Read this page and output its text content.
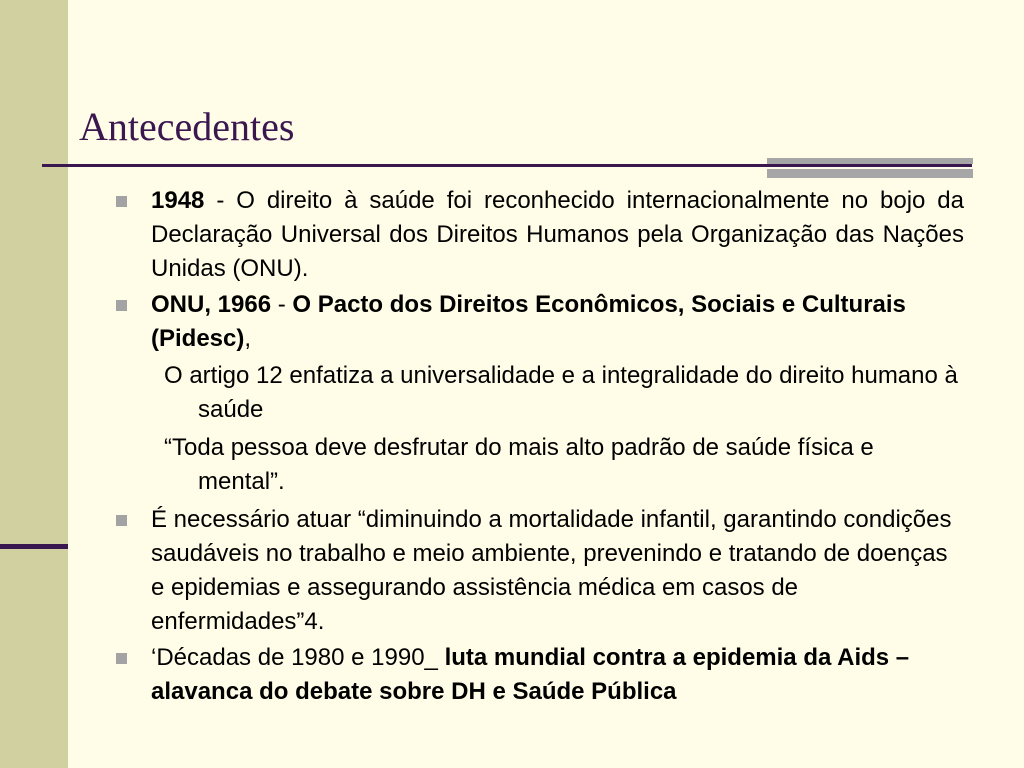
Antecedentes
1948 - O direito à saúde foi reconhecido internacionalmente no bojo da Declaração Universal dos Direitos Humanos pela Organização das Nações Unidas (ONU).
ONU, 1966 - O Pacto dos Direitos Econômicos, Sociais e Culturais (Pidesc),
O artigo 12 enfatiza a universalidade e a integralidade do direito humano à saúde
“Toda pessoa deve desfrutar do mais alto padrão de saúde física e mental”.
É necessário atuar “diminuindo a mortalidade infantil, garantindo condições saudáveis no trabalho e meio ambiente, prevenindo e tratando de doenças e epidemias e assegurando assistência médica em casos de enfermidades”4.
‘Décadas de 1980 e 1990_ luta mundial contra a epidemia da Aids – alavanca do debate sobre DH e Saúde Pública
